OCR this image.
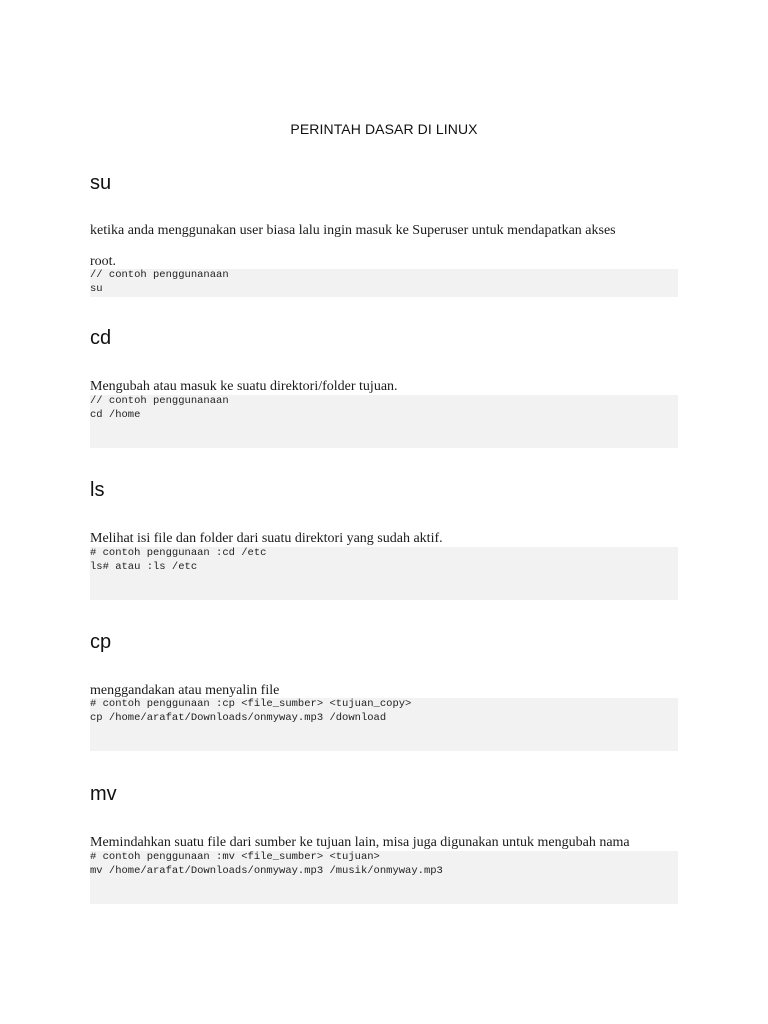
PERINTAH DASAR DI LINUX
su

ketika anda menggunakan user biasa lalu ingin masuk ke Superuser untuk mendapatkan akses

root.

// contoh penggunanaan
su
cd

Mengubah atau masuk ke suatu direktori/folder tujuan.

// contoh penggunanaan
cd /home
ls

Melihat isi file dan folder dari suatu direktori yang sudah aktif.

# contoh penggunaan :cd /etc
ls# atau :ls /etc
cp

menggandakan atau menyalin file

# contoh penggunaan :cp <file_sumber> <tujuan_copy>
cp /home/arafat/Downloads/onmyway.mp3 /download
mv

Memindahkan suatu file dari sumber ke tujuan lain, misa juga digunakan untuk mengubah nama

# contoh penggunaan :mv <file_sumber> <tujuan>
mv /home/arafat/Downloads/onmyway.mp3 /musik/onmyway.mp3
